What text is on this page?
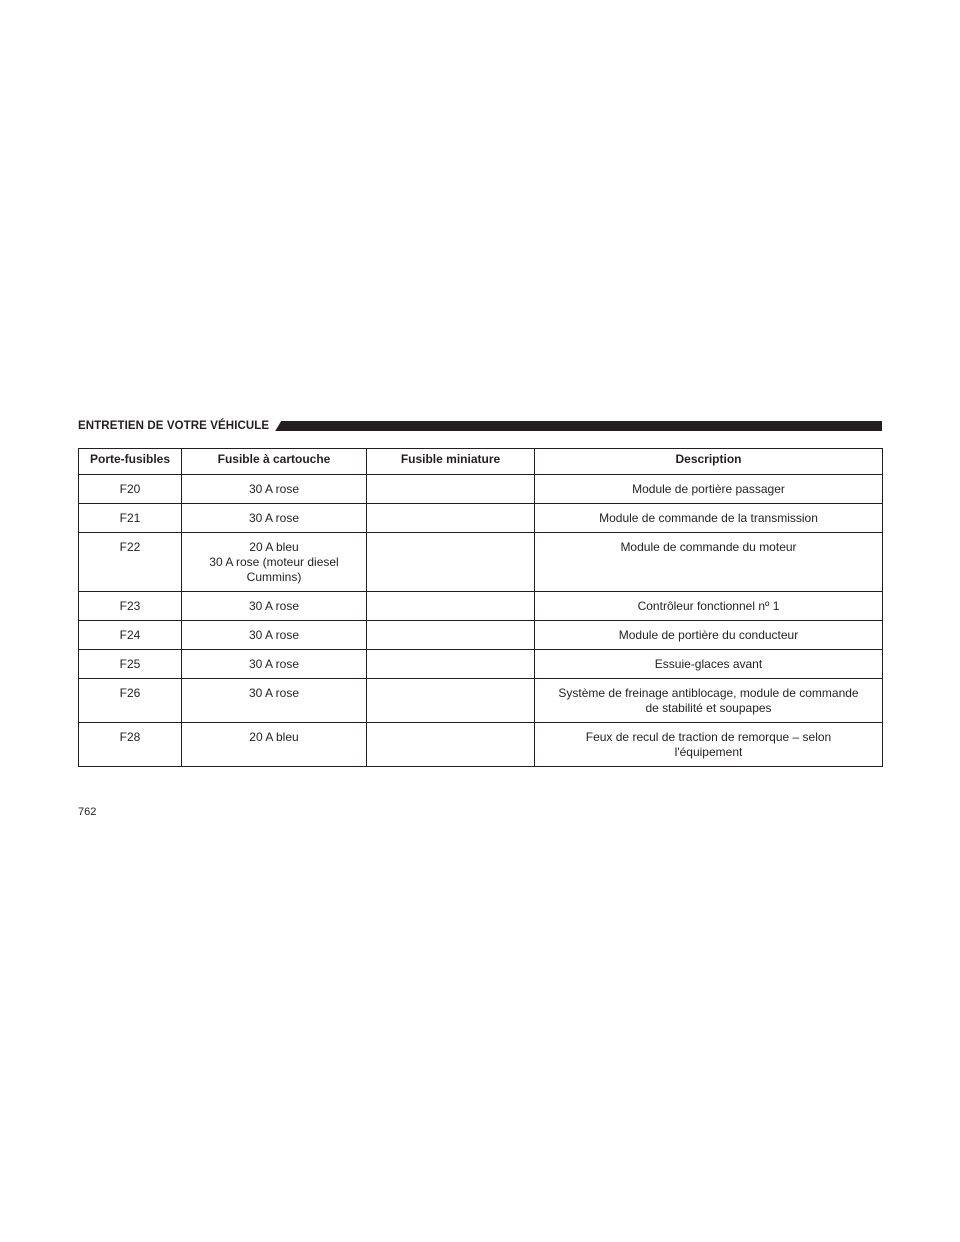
ENTRETIEN DE VOTRE VÉHICULE
Porte-fusibles	Fusible à cartouche	Fusible miniature	Description
F20	30 A rose		Module de portière passager

F21	30 A rose		Module de commande de la transmission

F22	20 A bleu
30 A rose (moteur diesel
Cummins)		Module de commande du moteur

F23	30 A rose		Contrôleur fonctionnel nº 1

F24	30 A rose		Module de portière du conducteur

F25	30 A rose		Essuie-glaces avant

F26	30 A rose		Système de freinage antiblocage, module de commande
de stabilité et soupapes

F28	20 A bleu		Feux de recul de traction de remorque – selon
l'équipement
762
